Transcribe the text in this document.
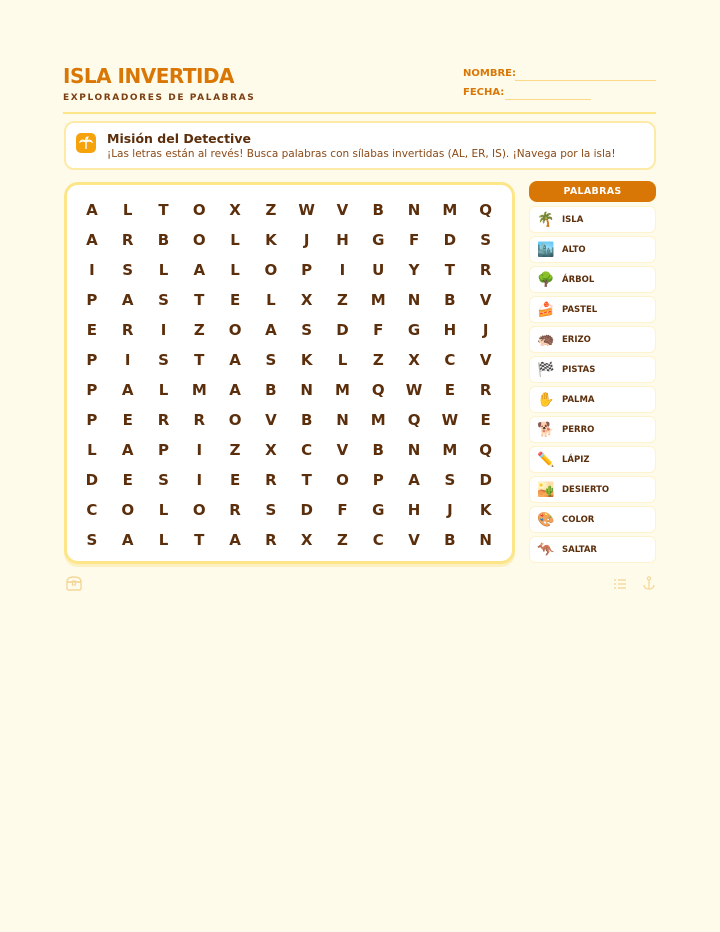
ISLA INVERTIDA
EXPLORADORES DE PALABRAS
NOMBRE:
FECHA:
Misión del Detective
¡Las letras están al revés! Busca palabras con sílabas invertidas (AL, ER, IS). ¡Navega por la isla!
A	L	T	O	X	Z	W	V	B	N	M	Q
A	R	B	O	L	K	J	H	G	F	D	S
I	S	L	A	L	O	P	I	U	Y	T	R
P	A	S	T	E	L	X	Z	M	N	B	V
E	R	I	Z	O	A	S	D	F	G	H	J
P	I	S	T	A	S	K	L	Z	X	C	V
P	A	L	M	A	B	N	M	Q	W	E	R
P	E	R	R	O	V	B	N	M	Q	W	E
L	A	P	I	Z	X	C	V	B	N	M	Q
D	E	S	I	E	R	T	O	P	A	S	D
C	O	L	O	R	S	D	F	G	H	J	K
S	A	L	T	A	R	X	Z	C	V	B	N
PALABRAS
🌴 ISLA
🏙️ ALTO
🌳 ÁRBOL
🍰 PASTEL
🦔 ERIZO
🏁 PISTAS
✋ PALMA
🐕 PERRO
✏️ LÁPIZ
🏜️ DESIERTO
🎨 COLOR
🦘 SALTAR
